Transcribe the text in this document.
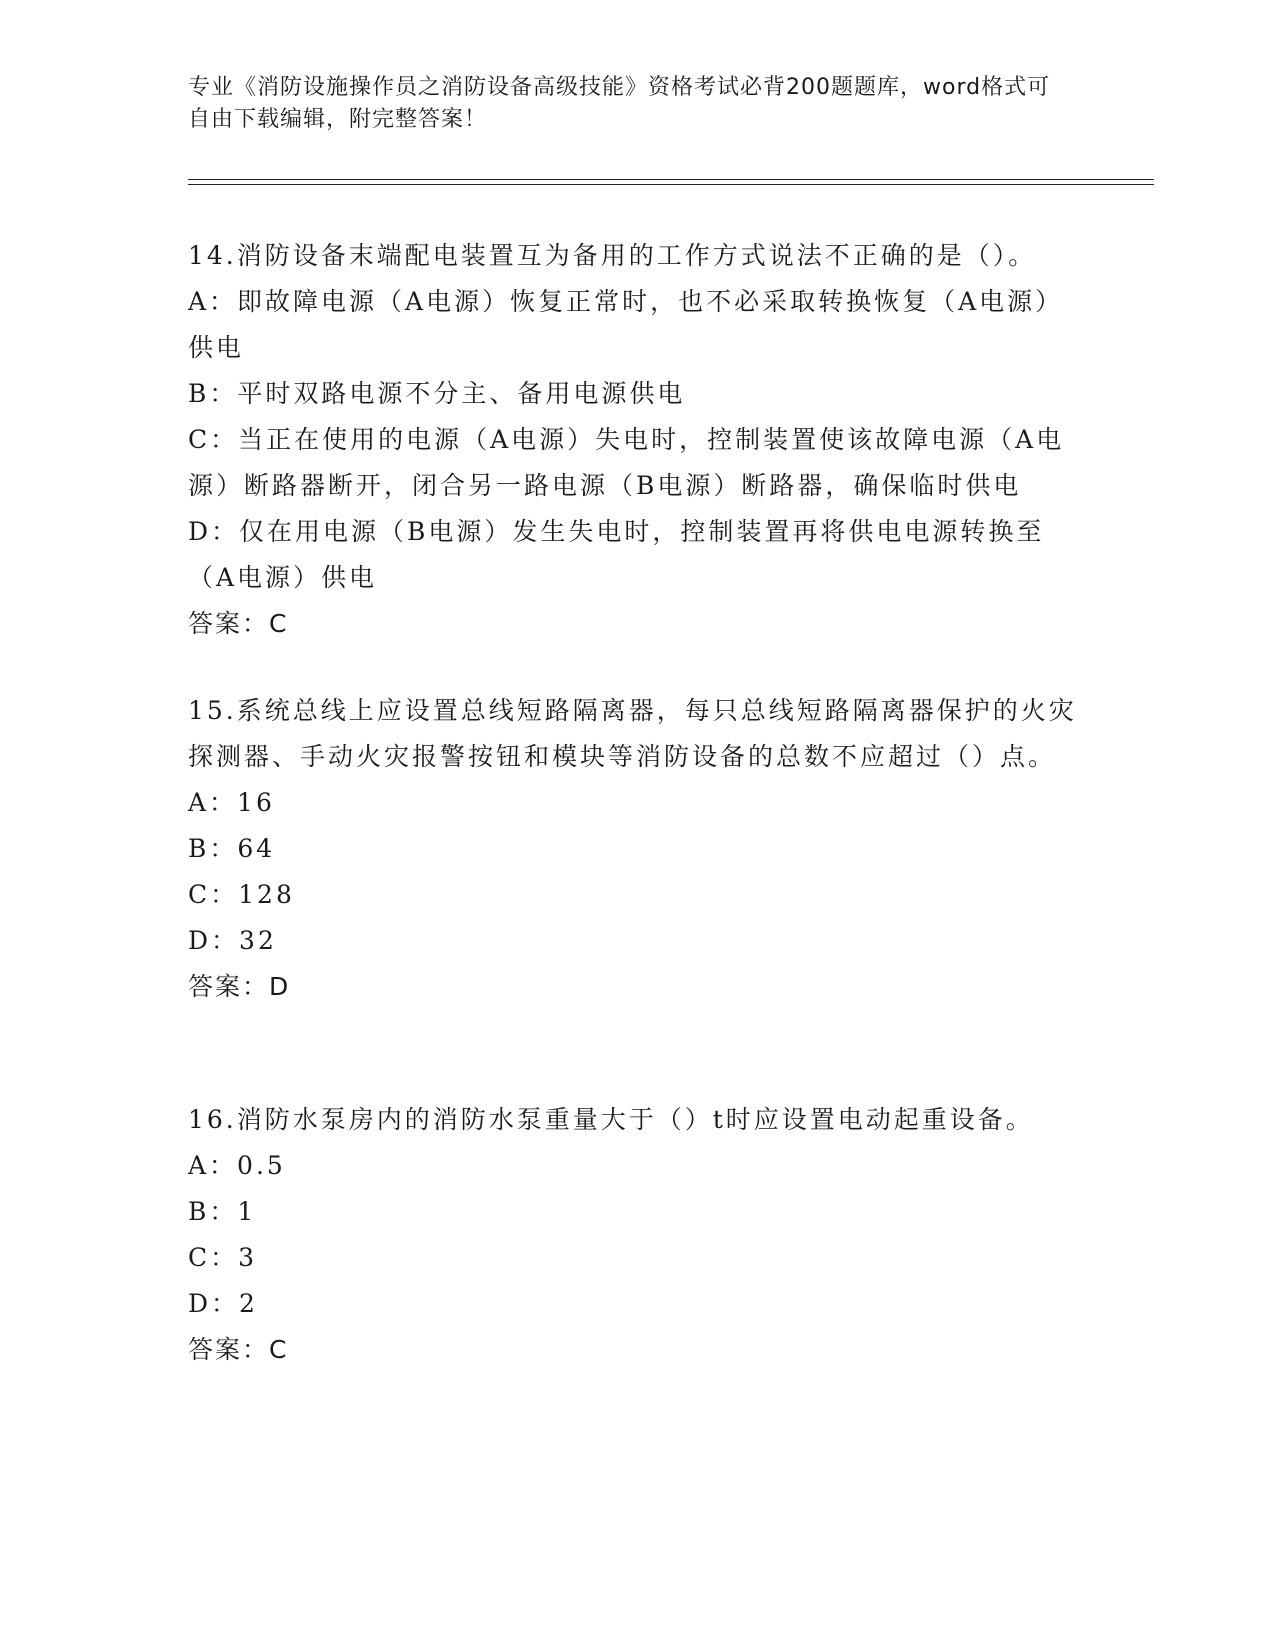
专业《消防设施操作员之消防设备高级技能》资格考试必背200题题库，word格式可自由下载编辑，附完整答案！

14.消防设备末端配电装置互为备用的工作方式说法不正确的是（）。

A：即故障电源（A电源）恢复正常时，也不必采取转换恢复（A电源）供电

B：平时双路电源不分主、备用电源供电

C：当正在使用的电源（A电源）失电时，控制装置使该故障电源（A电源）断路器断开，闭合另一路电源（B电源）断路器，确保临时供电

D：仅在用电源（B电源）发生失电时，控制装置再将供电电源转换至（A电源）供电

答案：C

15.系统总线上应设置总线短路隔离器，每只总线短路隔离器保护的火灾探测器、手动火灾报警按钮和模块等消防设备的总数不应超过（）点。

A：16

B：64

C：128

D：32

答案：D

16.消防水泵房内的消防水泵重量大于（）t时应设置电动起重设备。

A：0.5

B：1

C：3

D：2

答案：C
